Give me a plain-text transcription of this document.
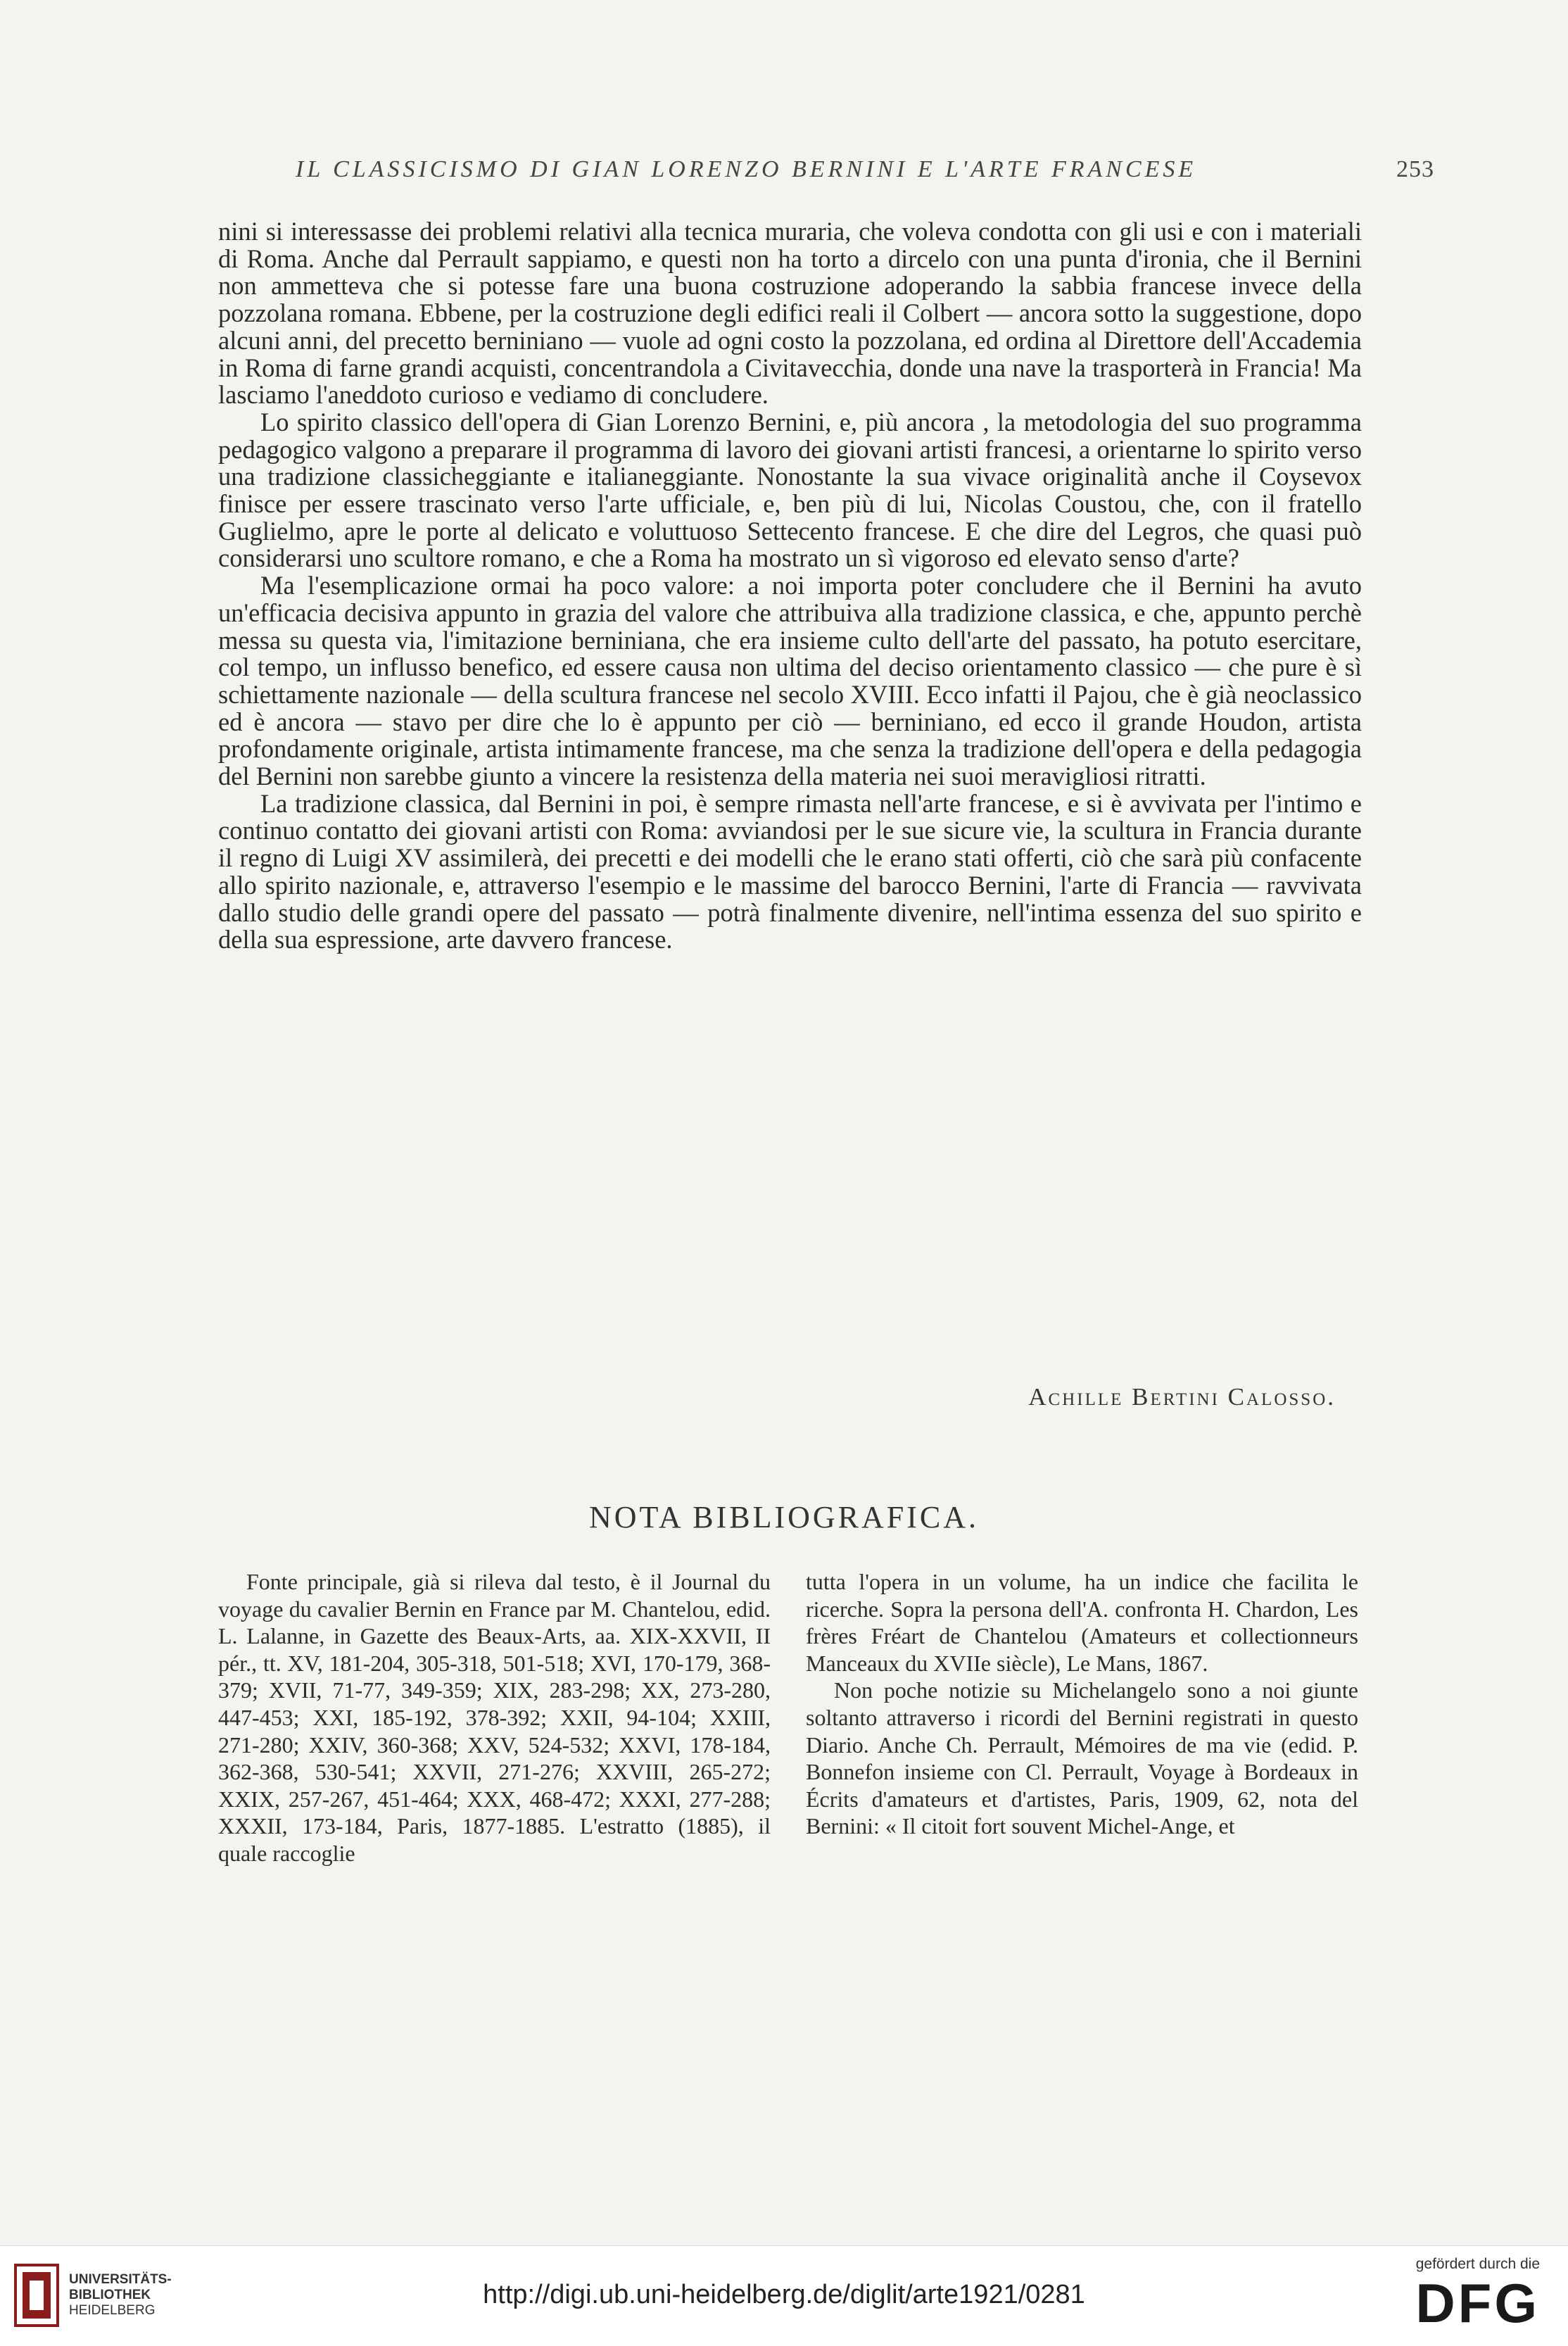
IL CLASSICISMO DI GIAN LORENZO BERNINI E L'ARTE FRANCESE	253

nini si interessasse dei problemi relativi alla tecnica muraria, che voleva condotta con gli usi e con i materiali di Roma. Anche dal Perrault sappiamo, e questi non ha torto a dircelo con una punta d'ironia, che il Bernini non ammetteva che si potesse fare una buona costruzione adoperando la sabbia francese invece della pozzolana romana. Ebbene, per la costruzione degli edifici reali il Colbert — ancora sotto la suggestione, dopo alcuni anni, del precetto berniniano — vuole ad ogni costo la pozzolana, ed ordina al Direttore dell'Accademia in Roma di farne grandi acquisti, concentrandola a Civitavecchia, donde una nave la trasporterà in Francia! Ma lasciamo l'aneddoto curioso e vediamo di concludere.

Lo spirito classico dell'opera di Gian Lorenzo Bernini, e, più ancora , la metodologia del suo programma pedagogico valgono a preparare il programma di lavoro dei giovani artisti francesi, a orientarne lo spirito verso una tradizione classicheggiante e italianeggiante. Nonostante la sua vivace originalità anche il Coysevox finisce per essere trascinato verso l'arte ufficiale, e, ben più di lui, Nicolas Coustou, che, con il fratello Guglielmo, apre le porte al delicato e voluttuoso Settecento francese. E che dire del Legros, che quasi può considerarsi uno scultore romano, e che a Roma ha mostrato un sì vigoroso ed elevato senso d'arte?

Ma l'esemplicazione ormai ha poco valore: a noi importa poter concludere che il Bernini ha avuto un'efficacia decisiva appunto in grazia del valore che attribuiva alla tradizione classica, e che, appunto perchè messa su questa via, l'imitazione berniniana, che era insieme culto dell'arte del passato, ha potuto esercitare, col tempo, un influsso benefico, ed essere causa non ultima del deciso orientamento classico — che pure è sì schiettamente nazionale — della scultura francese nel secolo XVIII. Ecco infatti il Pajou, che è già neoclassico ed è ancora — stavo per dire che lo è appunto per ciò — berniniano, ed ecco il grande Houdon, artista profondamente originale, artista intimamente francese, ma che senza la tradizione dell'opera e della pedagogia del Bernini non sarebbe giunto a vincere la resistenza della materia nei suoi meravigliosi ritratti.

La tradizione classica, dal Bernini in poi, è sempre rimasta nell'arte francese, e si è avvivata per l'intimo e continuo contatto dei giovani artisti con Roma: avviandosi per le sue sicure vie, la scultura in Francia durante il regno di Luigi XV assimilerà, dei precetti e dei modelli che le erano stati offerti, ciò che sarà più confacente allo spirito nazionale, e, attraverso l'esempio e le massime del barocco Bernini, l'arte di Francia — ravvivata dallo studio delle grandi opere del passato — potrà finalmente divenire, nell'intima essenza del suo spirito e della sua espressione, arte davvero francese.

Achille Bertini Calosso.
NOTA BIBLIOGRAFICA.

Fonte principale, già si rileva dal testo, è il Journal du voyage du cavalier Bernin en France par M. Chantelou, edid. L. Lalanne, in Gazette des Beaux-Arts, aa. XIX-XXVII, II pér., tt. XV, 181-204, 305-318, 501-518; XVI, 170-179, 368-379; XVII, 71-77, 349-359; XIX, 283-298; XX, 273-280, 447-453; XXI, 185-192, 378-392; XXII, 94-104; XXIII, 271-280; XXIV, 360-368; XXV, 524-532; XXVI, 178-184, 362-368, 530-541; XXVII, 271-276; XXVIII, 265-272; XXIX, 257-267, 451-464; XXX, 468-472; XXXI, 277-288; XXXII, 173-184, Paris, 1877-1885. L'estratto (1885), il quale raccoglie

tutta l'opera in un volume, ha un indice che facilita le ricerche. Sopra la persona dell'A. confronta H. Chardon, Les frères Fréart de Chantelou (Amateurs et collectionneurs Manceaux du XVIIe siècle), Le Mans, 1867.

Non poche notizie su Michelangelo sono a noi giunte soltanto attraverso i ricordi del Bernini registrati in questo Diario. Anche Ch. Perrault, Mémoires de ma vie (edid. P. Bonnefon insieme con Cl. Perrault, Voyage à Bordeaux in Écrits d'amateurs et d'artistes, Paris, 1909, 62, nota del Bernini: « Il citoit fort souvent Michel-Ange, et

UNIVERSITÄTS-
BIBLIOTHEK
HEIDELBERG
http://digi.ub.uni-heidelberg.de/diglit/arte1921/0281
gefördert durch die
DFG
